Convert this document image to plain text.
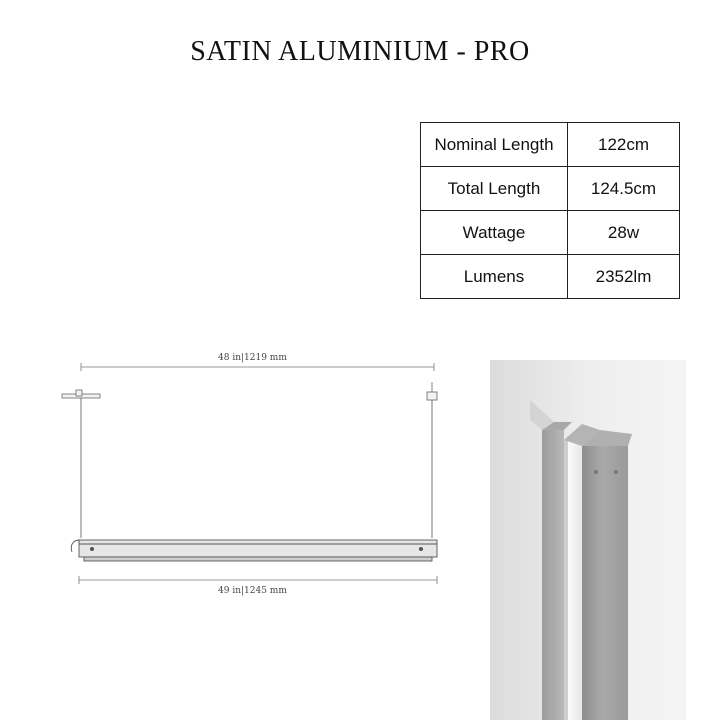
SATIN ALUMINIUM - PRO
Nominal Length	122cm
Total Length	124.5cm
Wattage	28w
Lumens	2352lm
48 in|1219 mm
49 in|1245 mm
